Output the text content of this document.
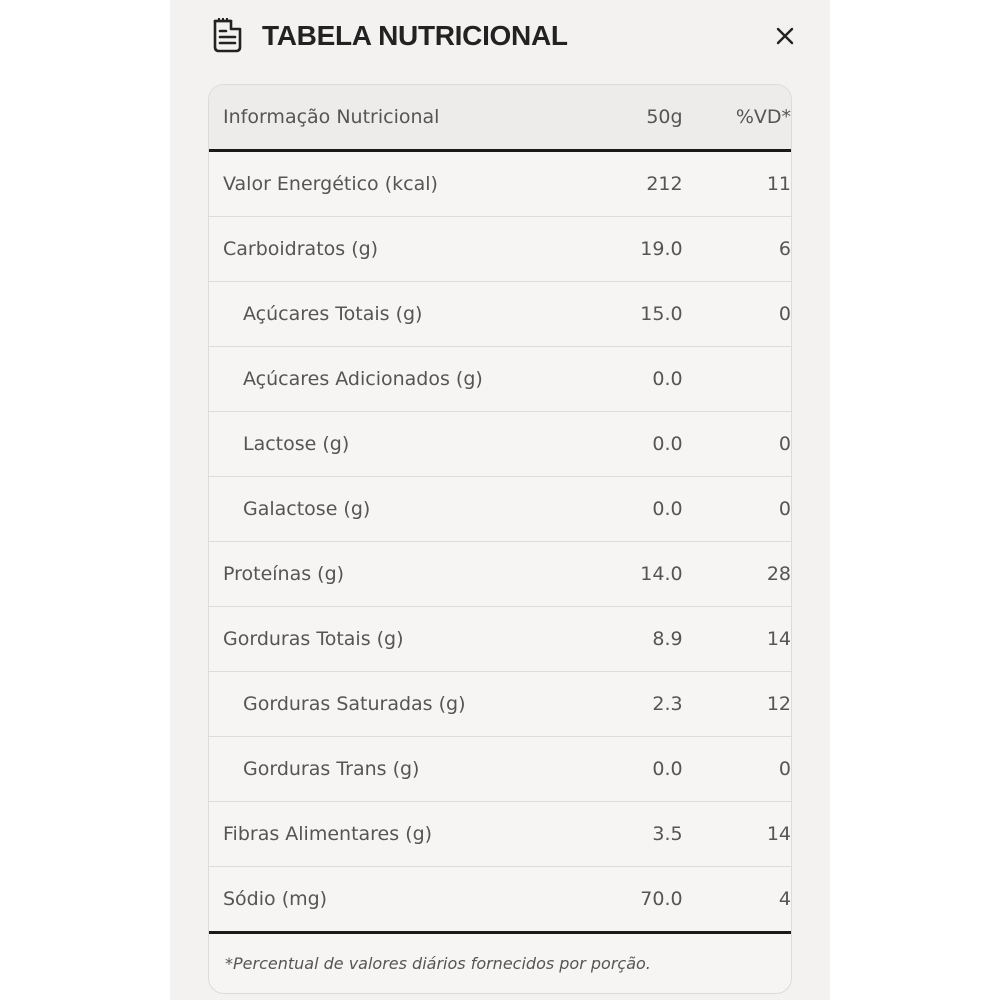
TABELA NUTRICIONAL
Informação Nutricional	50g	%VD*
Valor Energético (kcal)	212	11
Carboidratos (g)	19.0	6
Açúcares Totais (g)	15.0	0
Açúcares Adicionados (g)	0.0
Lactose (g)	0.0	0
Galactose (g)	0.0	0
Proteínas (g)	14.0	28
Gorduras Totais (g)	8.9	14
Gorduras Saturadas (g)	2.3	12
Gorduras Trans (g)	0.0	0
Fibras Alimentares (g)	3.5	14
Sódio (mg)	70.0	4
*Percentual de valores diários fornecidos por porção.
